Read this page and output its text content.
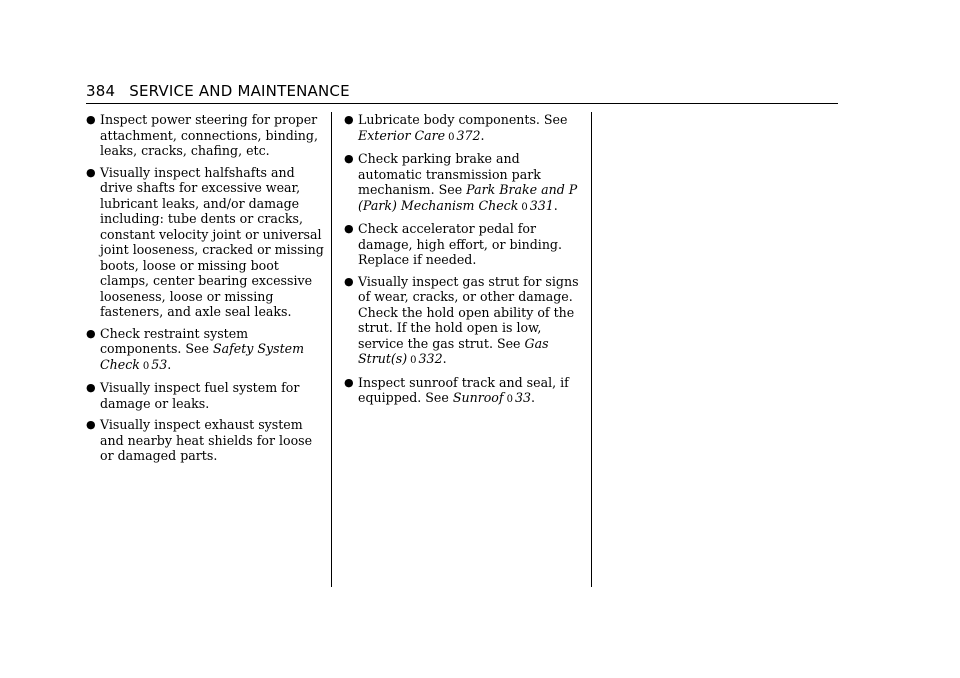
384 SERVICE AND MAINTENANCE
● Inspect power steering for proper attachment, connections, binding, leaks, cracks, chafing, etc.
● Visually inspect halfshafts and drive shafts for excessive wear, lubricant leaks, and/or damage including: tube dents or cracks, constant velocity joint or universal joint looseness, cracked or missing boots, loose or missing boot clamps, center bearing excessive looseness, loose or missing fasteners, and axle seal leaks.
● Check restraint system components. See Safety System Check 0 53.
● Visually inspect fuel system for damage or leaks.
● Visually inspect exhaust system and nearby heat shields for loose or damaged parts.
● Lubricate body components. See Exterior Care 0 372.
● Check parking brake and automatic transmission park mechanism. See Park Brake and P (Park) Mechanism Check 0 331.
● Check accelerator pedal for damage, high effort, or binding. Replace if needed.
● Visually inspect gas strut for signs of wear, cracks, or other damage. Check the hold open ability of the strut. If the hold open is low, service the gas strut. See Gas Strut(s) 0 332.
● Inspect sunroof track and seal, if equipped. See Sunroof 0 33.
